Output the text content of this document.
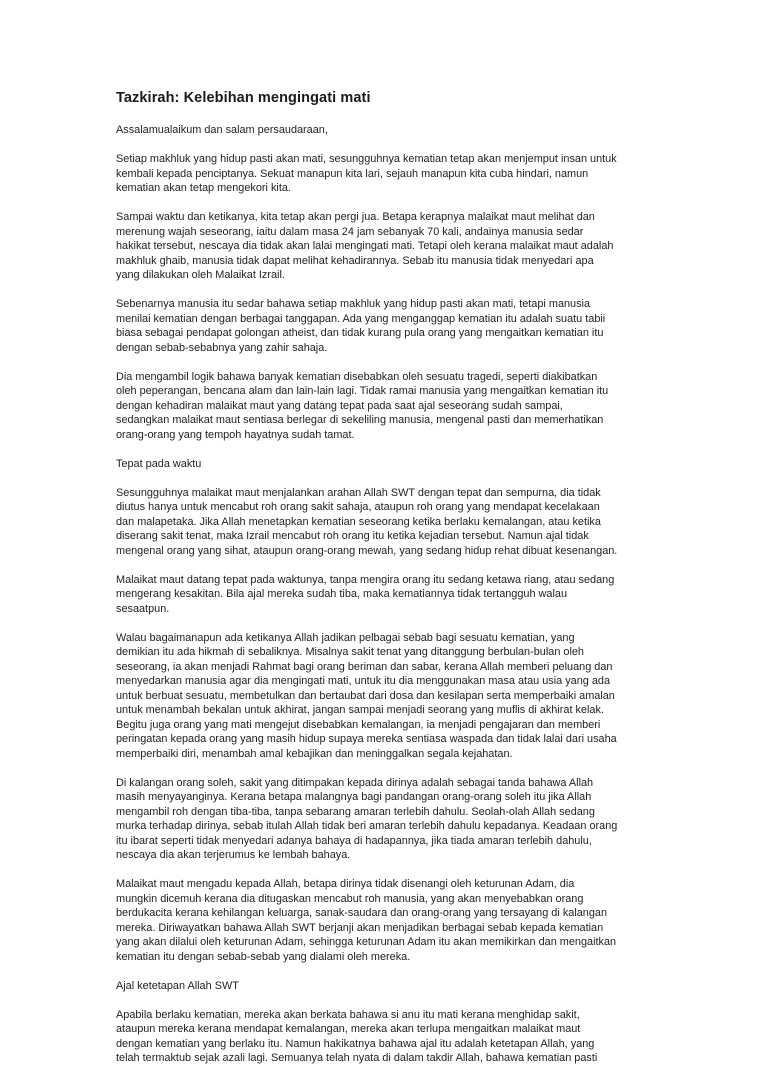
Tazkirah: Kelebihan mengingati mati
Assalamualaikum dan salam persaudaraan,
Setiap makhluk yang hidup pasti akan mati, sesungguhnya kematian tetap akan menjemput insan untuk
kembali kepada penciptanya. Sekuat manapun kita lari, sejauh manapun kita cuba hindari, namun
kematian akan tetap mengekori kita.
Sampai waktu dan ketikanya, kita tetap akan pergi jua. Betapa kerapnya malaikat maut melihat dan
merenung wajah seseorang, iaitu dalam masa 24 jam sebanyak 70 kali, andainya manusia sedar
hakikat tersebut, nescaya dia tidak akan lalai mengingati mati. Tetapi oleh kerana malaikat maut adalah
makhluk ghaib, manusia tidak dapat melihat kehadirannya. Sebab itu manusia tidak menyedari apa
yang dilakukan oleh Malaikat Izrail.
Sebenarnya manusia itu sedar bahawa setiap makhluk yang hidup pasti akan mati, tetapi manusia
menilai kematian dengan berbagai tanggapan. Ada yang menganggap kematian itu adalah suatu tabii
biasa sebagai pendapat golongan atheist, dan tidak kurang pula orang yang mengaitkan kematian itu
dengan sebab-sebabnya yang zahir sahaja.
Dia mengambil logik bahawa banyak kematian disebabkan oleh sesuatu tragedi, seperti diakibatkan
oleh peperangan, bencana alam dan lain-lain lagi. Tidak ramai manusia yang mengaitkan kematian itu
dengan kehadiran malaikat maut yang datang tepat pada saat ajal seseorang sudah sampai,
sedangkan malaikat maut sentiasa berlegar di sekeliling manusia, mengenal pasti dan memerhatikan
orang-orang yang tempoh hayatnya sudah tamat.
Tepat pada waktu
Sesungguhnya malaikat maut menjalankan arahan Allah SWT dengan tepat dan sempurna, dia tidak
diutus hanya untuk mencabut roh orang sakit sahaja, ataupun roh orang yang mendapat kecelakaan
dan malapetaka. Jika Allah menetapkan kematian seseorang ketika berlaku kemalangan, atau ketika
diserang sakit tenat, maka Izrail mencabut roh orang itu ketika kejadian tersebut. Namun ajal tidak
mengenal orang yang sihat, ataupun orang-orang mewah, yang sedang hidup rehat dibuat kesenangan.
Malaikat maut datang tepat pada waktunya, tanpa mengira orang itu sedang ketawa riang, atau sedang
mengerang kesakitan. Bila ajal mereka sudah tiba, maka kematiannya tidak tertangguh walau
sesaatpun.
Walau bagaimanapun ada ketikanya Allah jadikan pelbagai sebab bagi sesuatu kematian, yang
demikian itu ada hikmah di sebaliknya. Misalnya sakit tenat yang ditanggung berbulan-bulan oleh
seseorang, ia akan menjadi Rahmat bagi orang beriman dan sabar, kerana Allah memberi peluang dan
menyedarkan manusia agar dia mengingati mati, untuk itu dia menggunakan masa atau usia yang ada
untuk berbuat sesuatu, membetulkan dan bertaubat dari dosa dan kesilapan serta memperbaiki amalan
untuk menambah bekalan untuk akhirat, jangan sampai menjadi seorang yang muflis di akhirat kelak.
Begitu juga orang yang mati mengejut disebabkan kemalangan, ia menjadi pengajaran dan memberi
peringatan kepada orang yang masih hidup supaya mereka sentiasa waspada dan tidak lalai dari usaha
memperbaiki diri, menambah amal kebajikan dan meninggalkan segala kejahatan.
Di kalangan orang soleh, sakit yang ditimpakan kepada dirinya adalah sebagai tanda bahawa Allah
masih menyayanginya. Kerana betapa malangnya bagi pandangan orang-orang soleh itu jika Allah
mengambil roh dengan tiba-tiba, tanpa sebarang amaran terlebih dahulu. Seolah-olah Allah sedang
murka terhadap dirinya, sebab itulah Allah tidak beri amaran terlebih dahulu kepadanya. Keadaan orang
itu ibarat seperti tidak menyedari adanya bahaya di hadapannya, jika tiada amaran terlebih dahulu,
nescaya dia akan terjerumus ke lembah bahaya.
Malaikat maut mengadu kepada Allah, betapa dirinya tidak disenangi oleh keturunan Adam, dia
mungkin dicemuh kerana dia ditugaskan mencabut roh manusia, yang akan menyebabkan orang
berdukacita kerana kehilangan keluarga, sanak-saudara dan orang-orang yang tersayang di kalangan
mereka. Diriwayatkan bahawa Allah SWT berjanji akan menjadikan berbagai sebab kepada kematian
yang akan dilalui oleh keturunan Adam, sehingga keturunan Adam itu akan memikirkan dan mengaitkan
kematian itu dengan sebab-sebab yang dialami oleh mereka.
Ajal ketetapan Allah SWT
Apabila berlaku kematian, mereka akan berkata bahawa si anu itu mati kerana menghidap sakit,
ataupun mereka kerana mendapat kemalangan, mereka akan terlupa mengaitkan malaikat maut
dengan kematian yang berlaku itu. Namun hakikatnya bahawa ajal itu adalah ketetapan Allah, yang
telah termaktub sejak azali lagi. Semuanya telah nyata di dalam takdir Allah, bahawa kematian pasti
